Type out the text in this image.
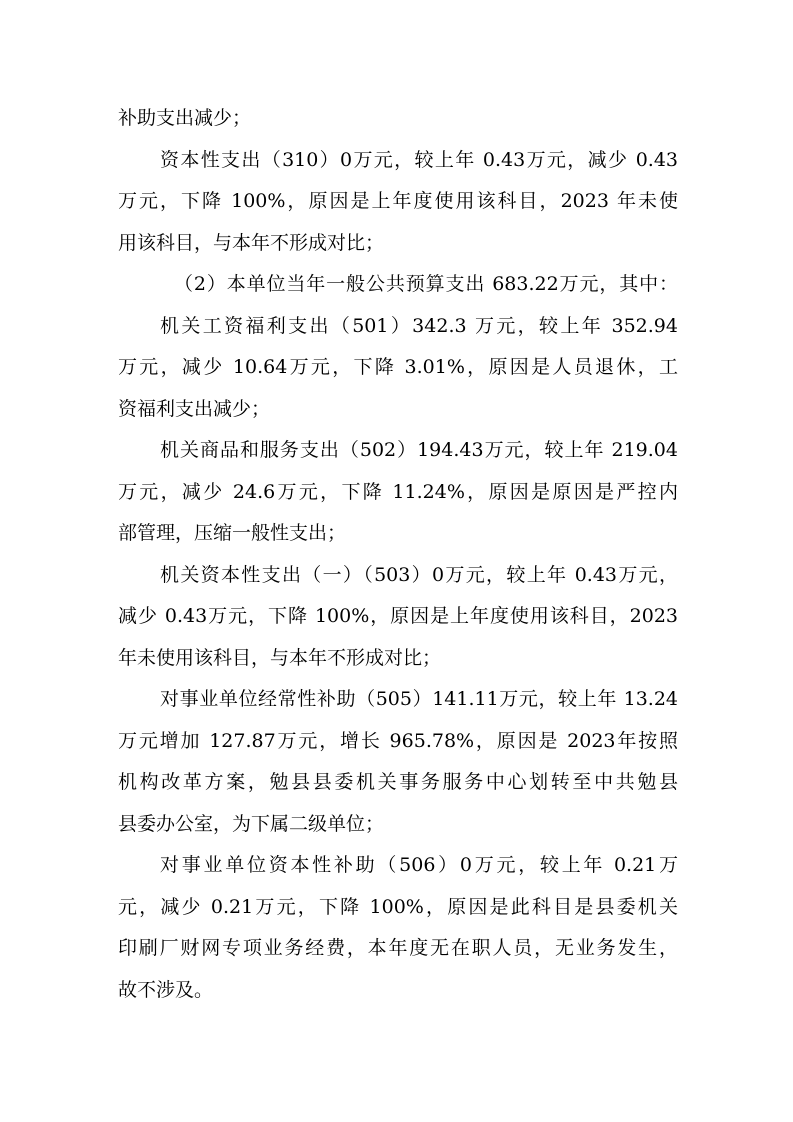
补助支出减少；
资本性支出（310）0万元，较上年 0.43万元，减少 0.43
万元，下降 100%，原因是上年度使用该科目，2023 年未使
用该科目，与本年不形成对比；
（2）本单位当年一般公共预算支出 683.22万元，其中：
机关工资福利支出（501）342.3 万元，较上年 352.94
万元，减少 10.64万元，下降 3.01%，原因是人员退休，工
资福利支出减少；
机关商品和服务支出（502）194.43万元，较上年 219.04
万元，减少 24.6万元，下降 11.24%，原因是原因是严控内
部管理，压缩一般性支出；
机关资本性支出（一）（503）0万元，较上年 0.43万元，
减少 0.43万元，下降 100%，原因是上年度使用该科目，2023
年未使用该科目，与本年不形成对比；
对事业单位经常性补助（505）141.11万元，较上年 13.24
万元增加 127.87万元，增长 965.78%，原因是 2023年按照
机构改革方案，勉县县委机关事务服务中心划转至中共勉县
县委办公室，为下属二级单位；
对事业单位资本性补助（506）0万元，较上年 0.21万
元，减少 0.21万元，下降 100%，原因是此科目是县委机关
印刷厂财网专项业务经费，本年度无在职人员，无业务发生，
故不涉及。
